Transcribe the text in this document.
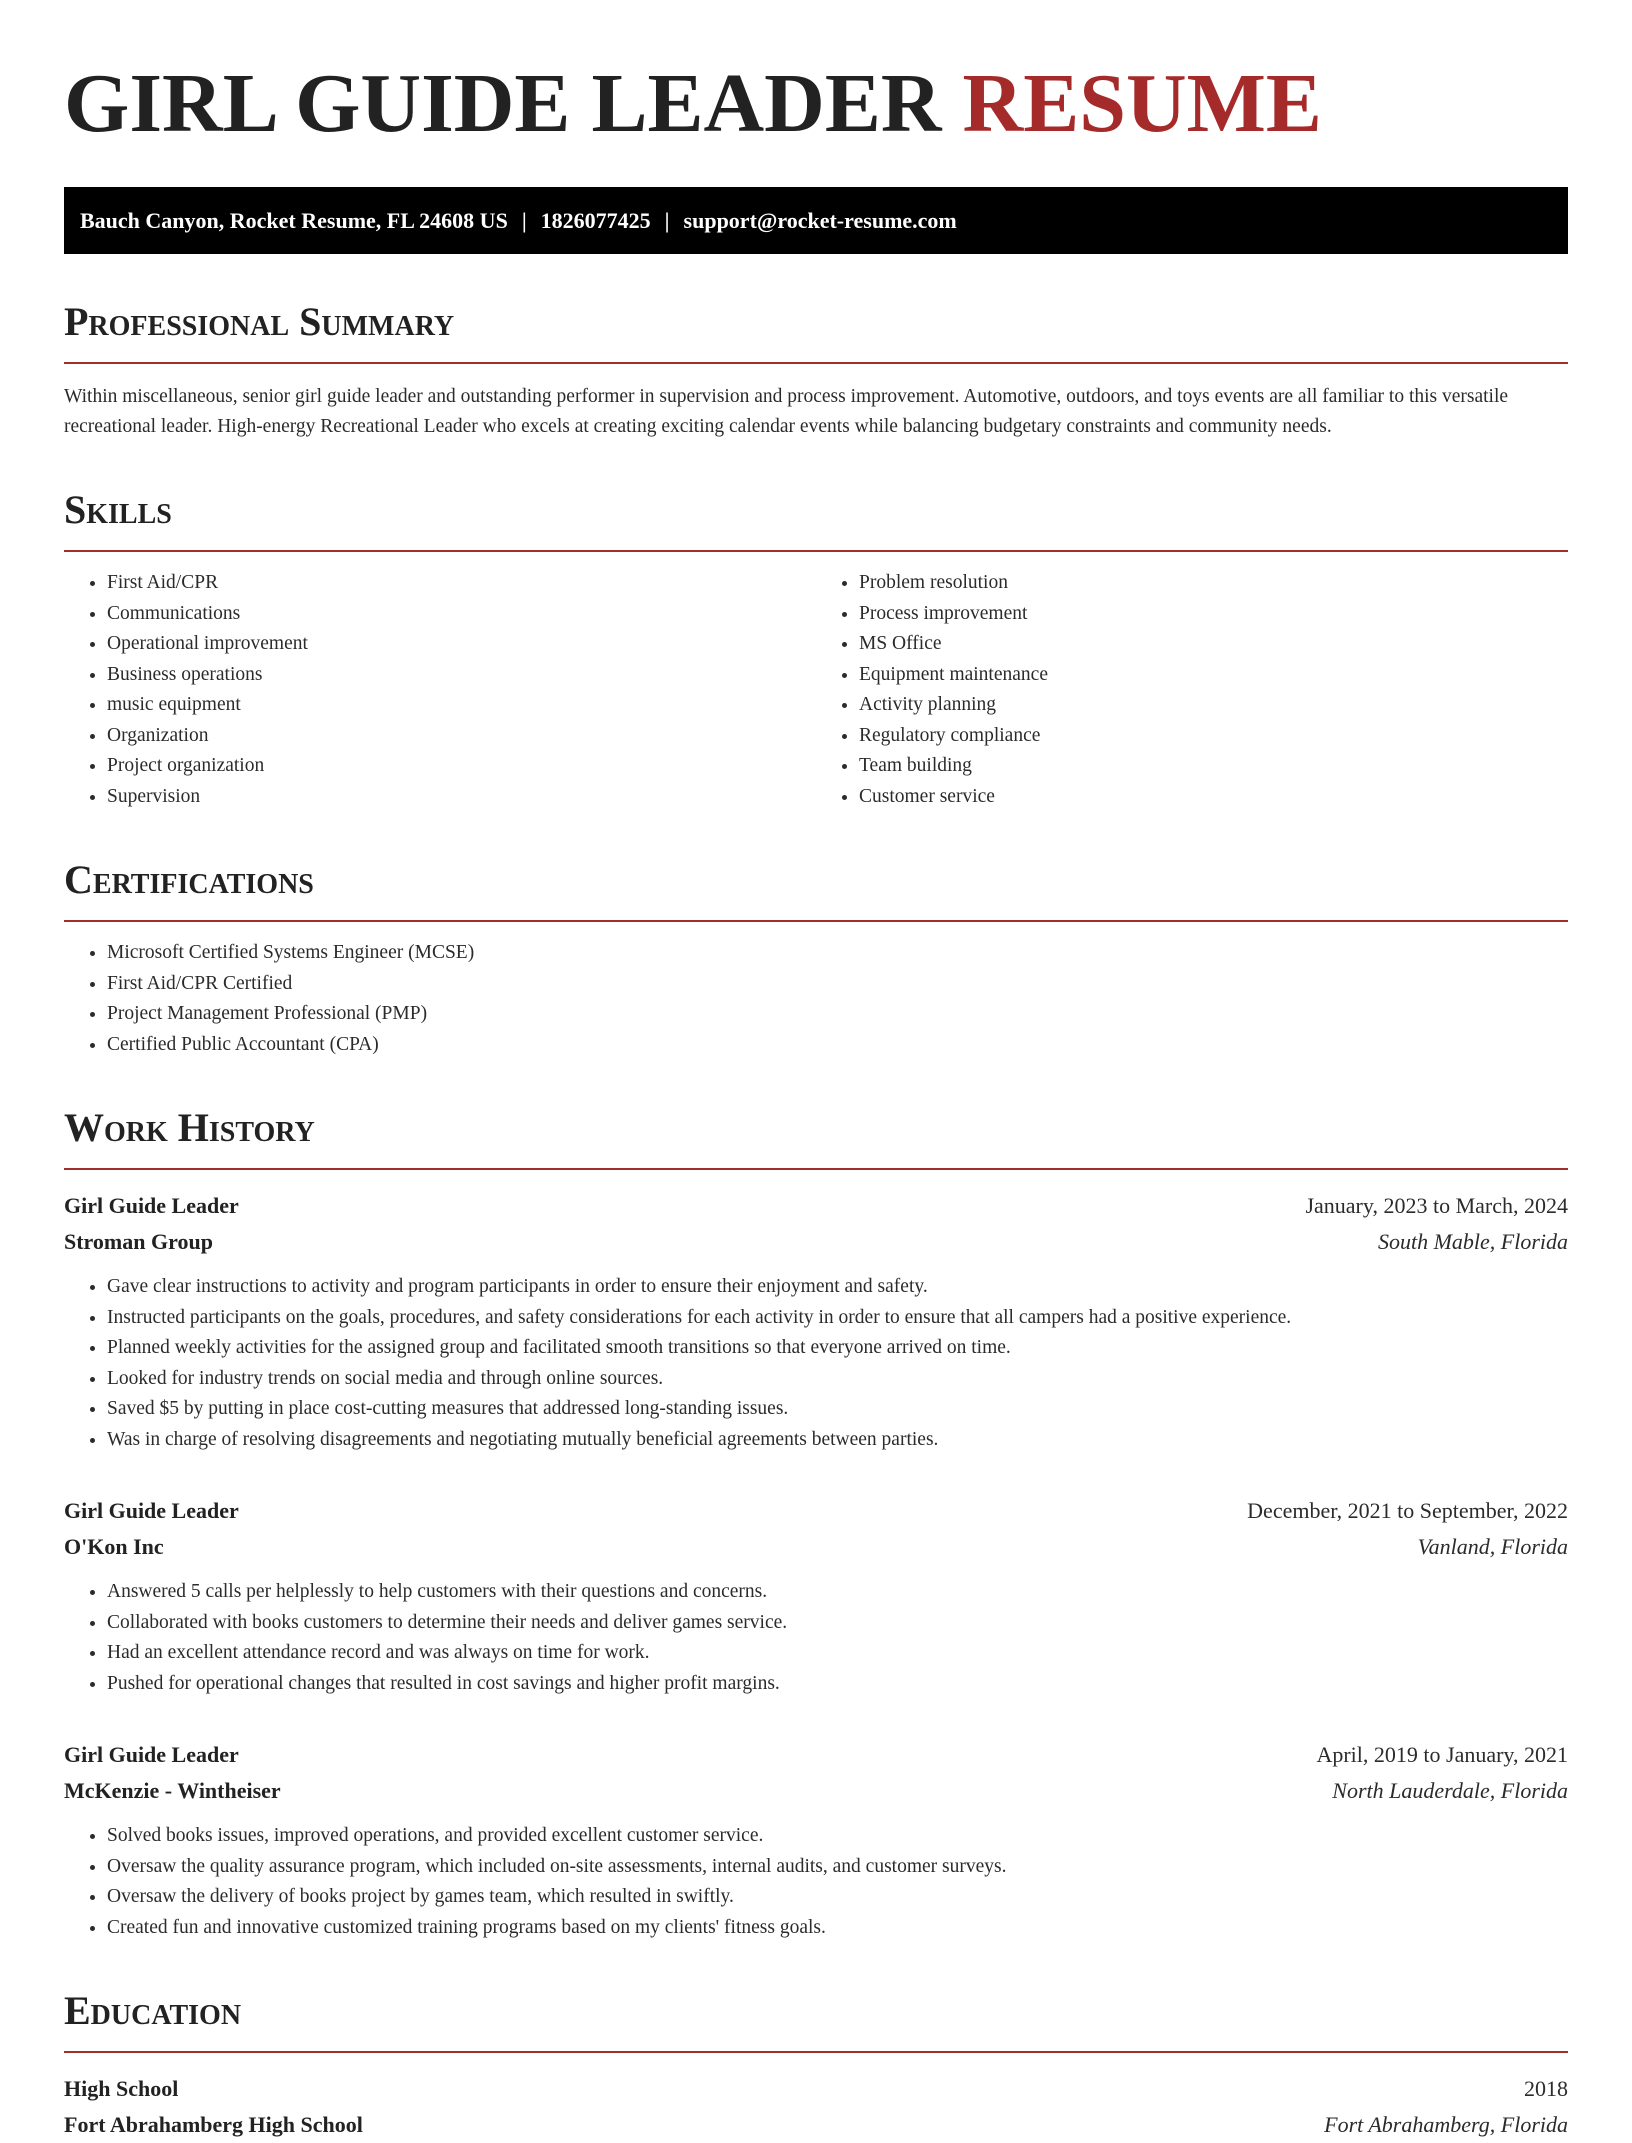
GIRL GUIDE LEADER RESUME
Bauch Canyon, Rocket Resume, FL 24608 US | 1826077425 | support@rocket-resume.com
Professional Summary

Within miscellaneous, senior girl guide leader and outstanding performer in supervision and process improvement. Automotive, outdoors, and toys events are all familiar to this versatile recreational leader. High-energy Recreational Leader who excels at creating exciting calendar events while balancing budgetary constraints and community needs.

Skills
• First Aid/CPR
• Communications
• Operational improvement
• Business operations
• music equipment
• Organization
• Project organization
• Supervision
• Problem resolution
• Process improvement
• MS Office
• Equipment maintenance
• Activity planning
• Regulatory compliance
• Team building
• Customer service
Certifications
• Microsoft Certified Systems Engineer (MCSE)
• First Aid/CPR Certified
• Project Management Professional (PMP)
• Certified Public Accountant (CPA)
Work History
Girl Guide Leader	January, 2023 to March, 2024
Stroman Group	South Mable, Florida
• Gave clear instructions to activity and program participants in order to ensure their enjoyment and safety.
• Instructed participants on the goals, procedures, and safety considerations for each activity in order to ensure that all campers had a positive experience.
• Planned weekly activities for the assigned group and facilitated smooth transitions so that everyone arrived on time.
• Looked for industry trends on social media and through online sources.
• Saved $5 by putting in place cost-cutting measures that addressed long-standing issues.
• Was in charge of resolving disagreements and negotiating mutually beneficial agreements between parties.
Girl Guide Leader	December, 2021 to September, 2022
O'Kon Inc	Vanland, Florida
• Answered 5 calls per helplessly to help customers with their questions and concerns.
• Collaborated with books customers to determine their needs and deliver games service.
• Had an excellent attendance record and was always on time for work.
• Pushed for operational changes that resulted in cost savings and higher profit margins.
Girl Guide Leader	April, 2019 to January, 2021
McKenzie - Wintheiser	North Lauderdale, Florida
• Solved books issues, improved operations, and provided excellent customer service.
• Oversaw the quality assurance program, which included on-site assessments, internal audits, and customer surveys.
• Oversaw the delivery of books project by games team, which resulted in swiftly.
• Created fun and innovative customized training programs based on my clients' fitness goals.
Education
High School	2018
Fort Abrahamberg High School	Fort Abrahamberg, Florida
